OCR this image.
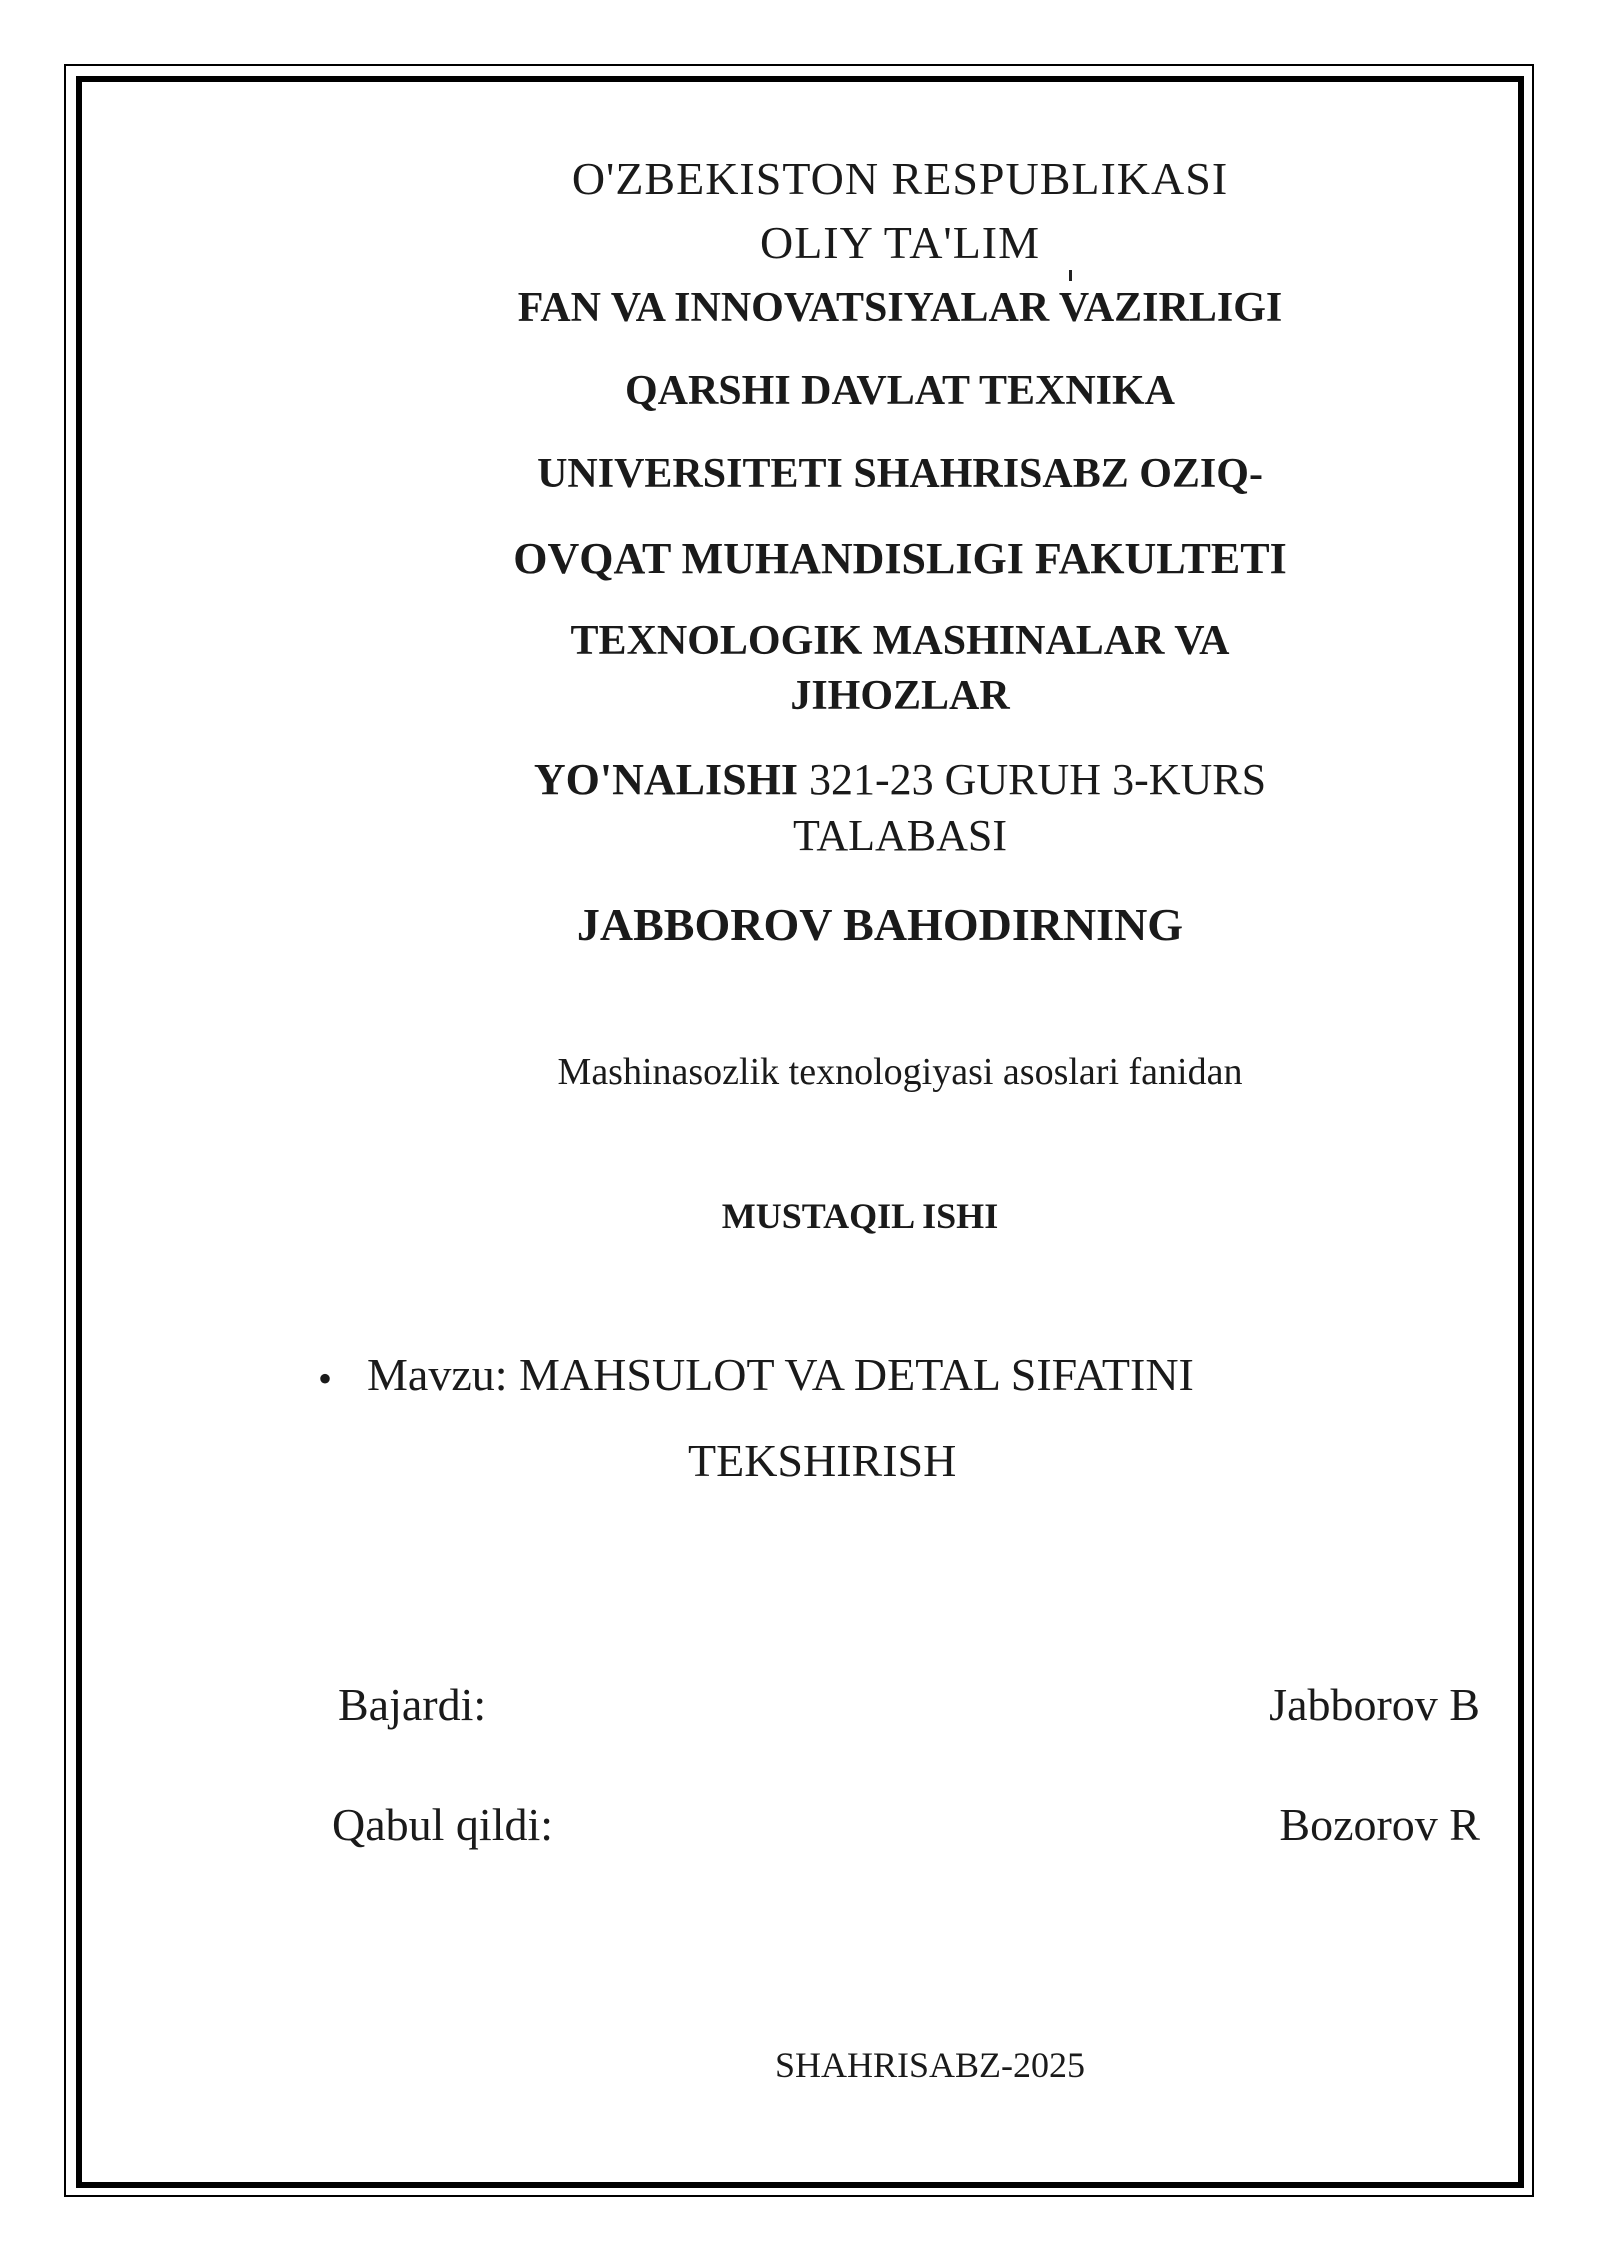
O'ZBEKISTON RESPUBLIKASI
OLIY TA'LIM
FAN VA INNOVATSIYALAR VAZIRLIGI
QARSHI DAVLAT TEXNIKA
UNIVERSITETI SHAHRISABZ OZIQ-
OVQAT MUHANDISLIGI FAKULTETI
TEXNOLOGIK MASHINALAR VA
JIHOZLAR
YO'NALISHI 321-23 GURUH 3-KURS
TALABASI
JABBOROV BAHODIRNING
Mashinasozlik texnologiyasi asoslari fanidan
MUSTAQIL ISHI
• Mavzu: MAHSULOT VA DETAL SIFATINI
TEKSHIRISH
Bajardi:	Jabborov B
Qabul qildi:	Bozorov R
SHAHRISABZ-2025
